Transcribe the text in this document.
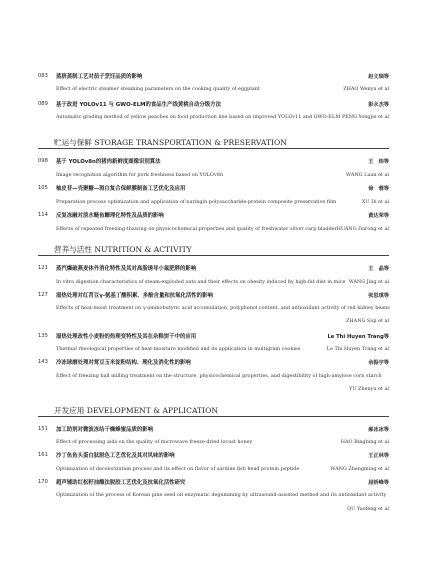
083 蒸脐蒸制工艺对茄子烹饪品质的影响	赵文瑞等
Effect of electric steamer steaming parameters on the cooking quality of eggplant	ZHAO Wenyu et al
089 基于改进 YOLOv11 与 GWO-ELM的食品生产线黄桃自动分级方法	彭永杰等
Automatic grading method of yellow peaches on food production line based on improved YOLOv11 and GWO-ELM PENG Yongjie et al
贮运与保鲜 STORAGE TRANSPORTATION & PRESERVATION
098 基于 YOLOv8n的猪肉新鲜度图像识别算法	王　炜等
Image recognition algorithm for pork freshness based on YOLOv8n	WANG Luan et al
105 柚皮苷—壳聚糖—斑白复合保鲜膜制备工艺优化及应用	徐　蓉等
Preparation process optimization and application of naringin-polysaccharide-protein composite preservative film	XU Di et al
114 反复冻融对淡水鲢鱼鳔理化特性及品质的影响	黄达荣等
Effects of repeated freezing-thawing on physicochemical properties and quality of freshwater silver carp bladder HUANG Darong et al
营养与活性 NUTRITION & ACTIVITY
121 蒸汽爆破燕麦体外消化特性及其对高脂诱导小鼠肥胖的影响	王　晶等
In vitro digestion characteristics of steam-exploded oats and their effects on obesity induced by high-fat diet in mice WANG Jing et al
127 湿热处理对红苕豆γ-氨基丁酸积累、多酚含量和抗氧化活性的影响	张思琪等
Effects of heat-moist treatment on γ-aminobutyric acid accumulation, polyphenol content, and antioxidant activity of red kidney beans
ZHANG Siqi et al
135 湿热处理改性小麦粉的热理变特性及其在杂粮饼干中的应用	Le Thi Huyen Trang等
Thermal rheological properties of heat-moisture modified and its application in multigrain cookies	Le Thi Huyen Trang et al
143 冷冻球磨处理对莺豆玉米淀粉结构、理化及消化性的影响	余振宇等
Effect of freezing ball milling treatment on the structure, physicochemical properties, and digestibility of high-amylose corn starch
YU Zhenyu et al
开发应用 DEVELOPMENT & APPLICATION
151 加工助剂对微波冻结干燥蜂蜜品质的影响	郝冰冰等
Effect of processing aids on the quality of microwave freeze-dried locust honey	HAO Bingbing et al
161 沙丁鱼鱼头蛋白肽脱色工艺优化及其对风味的影响	王正林等
Optimization of decolorization process and its effect on flavor of sardine fish head protein peptide	WANG Zhengming et al
170 超声辅助红松籽油酶法脱胶工艺优化及抗氧化活性研究	屈娇峰等
Optimization of the process of Korean pine seed oil enzymatic degumming by ultrasound-assisted method and its antioxidant activity
QU Yaofeng et al
